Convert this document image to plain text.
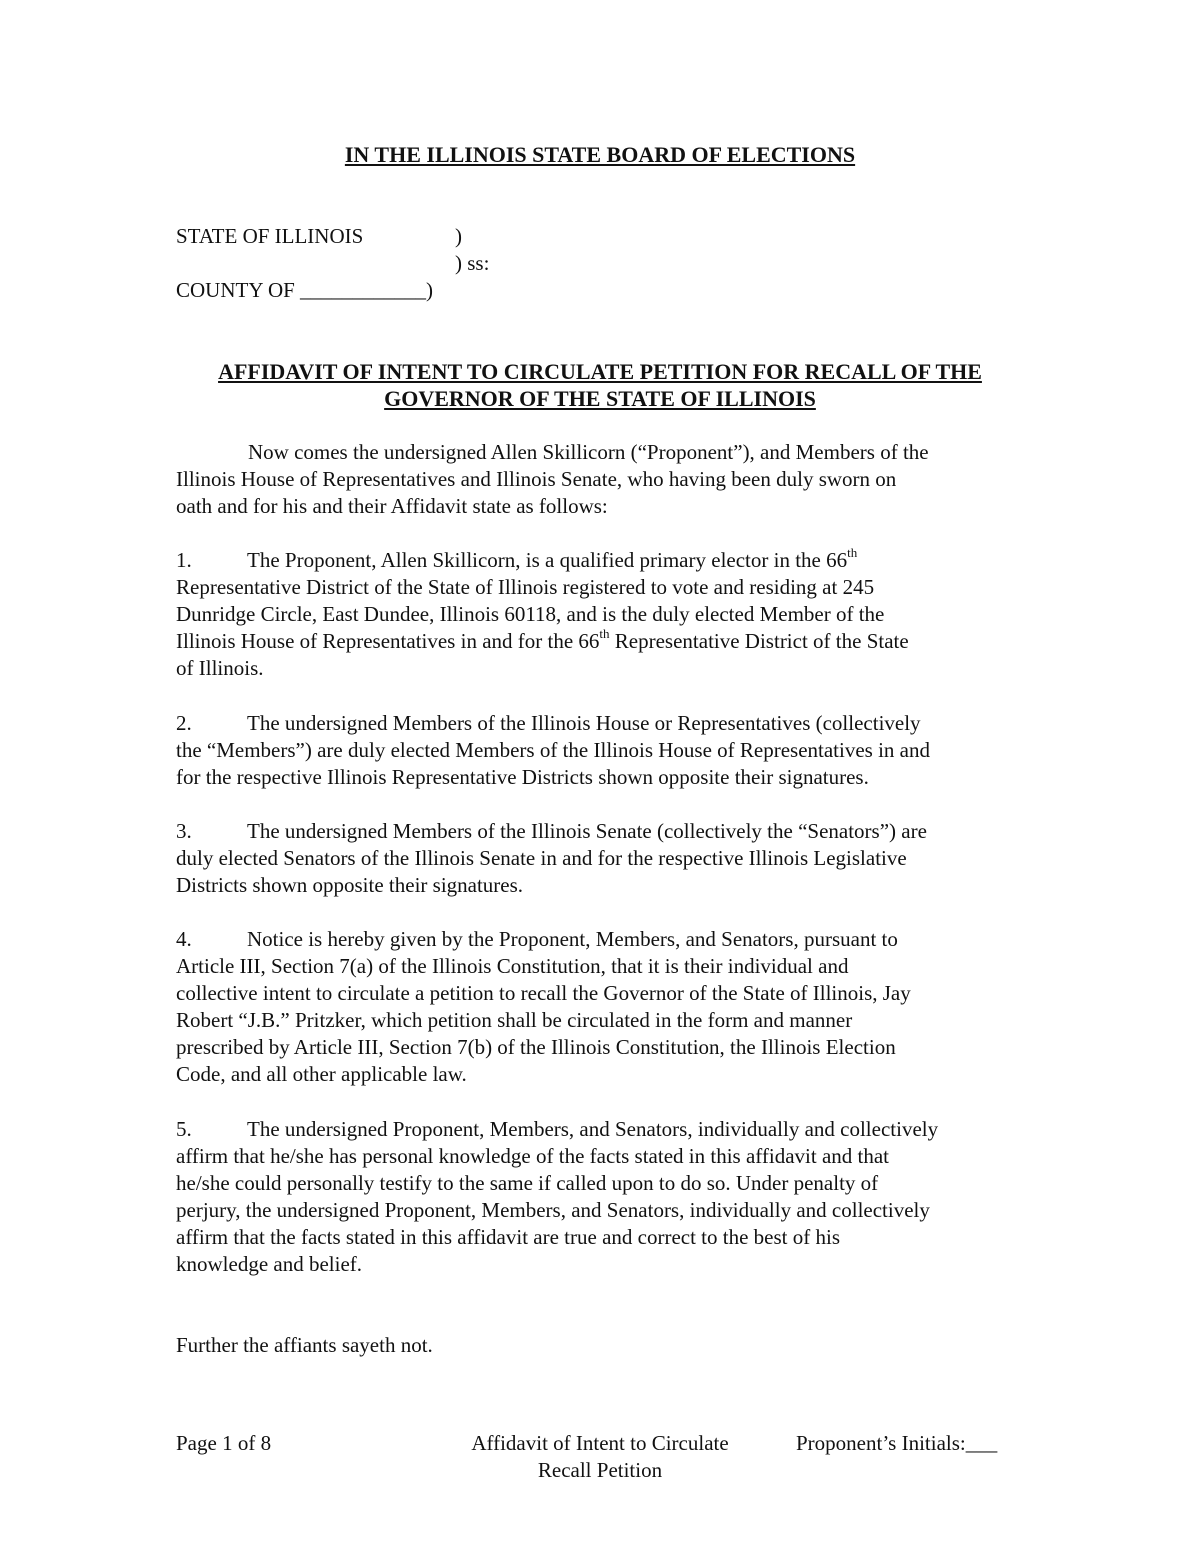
IN THE ILLINOIS STATE BOARD OF ELECTIONS
STATE OF ILLINOIS	)
) ss:
COUNTY OF ____________)
AFFIDAVIT OF INTENT TO CIRCULATE PETITION FOR RECALL OF THE
GOVERNOR OF THE STATE OF ILLINOIS
Now comes the undersigned Allen Skillicorn (“Proponent”), and Members of the
Illinois House of Representatives and Illinois Senate, who having been duly sworn on
oath and for his and their Affidavit state as follows:
1.	The Proponent, Allen Skillicorn, is a qualified primary elector in the 66th
Representative District of the State of Illinois registered to vote and residing at 245
Dunridge Circle, East Dundee, Illinois 60118, and is the duly elected Member of the
Illinois House of Representatives in and for the 66th Representative District of the State
of Illinois.
2.	The undersigned Members of the Illinois House or Representatives (collectively
the “Members”) are duly elected Members of the Illinois House of Representatives in and
for the respective Illinois Representative Districts shown opposite their signatures.
3.	The undersigned Members of the Illinois Senate (collectively the “Senators”) are
duly elected Senators of the Illinois Senate in and for the respective Illinois Legislative
Districts shown opposite their signatures.
4.	Notice is hereby given by the Proponent, Members, and Senators, pursuant to
Article III, Section 7(a) of the Illinois Constitution, that it is their individual and
collective intent to circulate a petition to recall the Governor of the State of Illinois, Jay
Robert “J.B.” Pritzker, which petition shall be circulated in the form and manner
prescribed by Article III, Section 7(b) of the Illinois Constitution, the Illinois Election
Code, and all other applicable law.
5.	The undersigned Proponent, Members, and Senators, individually and collectively
affirm that he/she has personal knowledge of the facts stated in this affidavit and that
he/she could personally testify to the same if called upon to do so. Under penalty of
perjury, the undersigned Proponent, Members, and Senators, individually and collectively
affirm that the facts stated in this affidavit are true and correct to the best of his
knowledge and belief.
Further the affiants sayeth not.
Page 1 of 8	Affidavit of Intent to Circulate
Recall Petition
Proponent’s Initials:___
